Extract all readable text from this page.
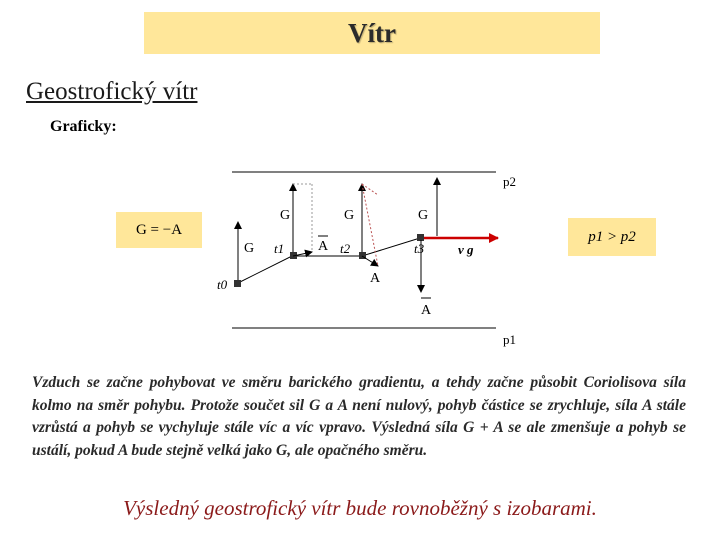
Vítr
Geostrofický vítr
Graficky:
G = −A	p1 > p2
p2
p1
G
G	G	G
A
A
A
t0
t1	t2	t3	v g
Vzduch se začne pohybovat ve směru barického gradientu, a tehdy začne působit Coriolisova síla kolmo na směr pohybu. Protože součet sil G a A není nulový, pohyb částice se zrychluje, síla A stále vzrůstá a pohyb se vychyluje stále víc a víc vpravo. Výsledná síla G + A se ale zmenšuje a pohyb se ustálí, pokud A bude stejně velká jako G, ale opačného směru.
Výsledný geostrofický vítr bude rovnoběžný s izobarami.
